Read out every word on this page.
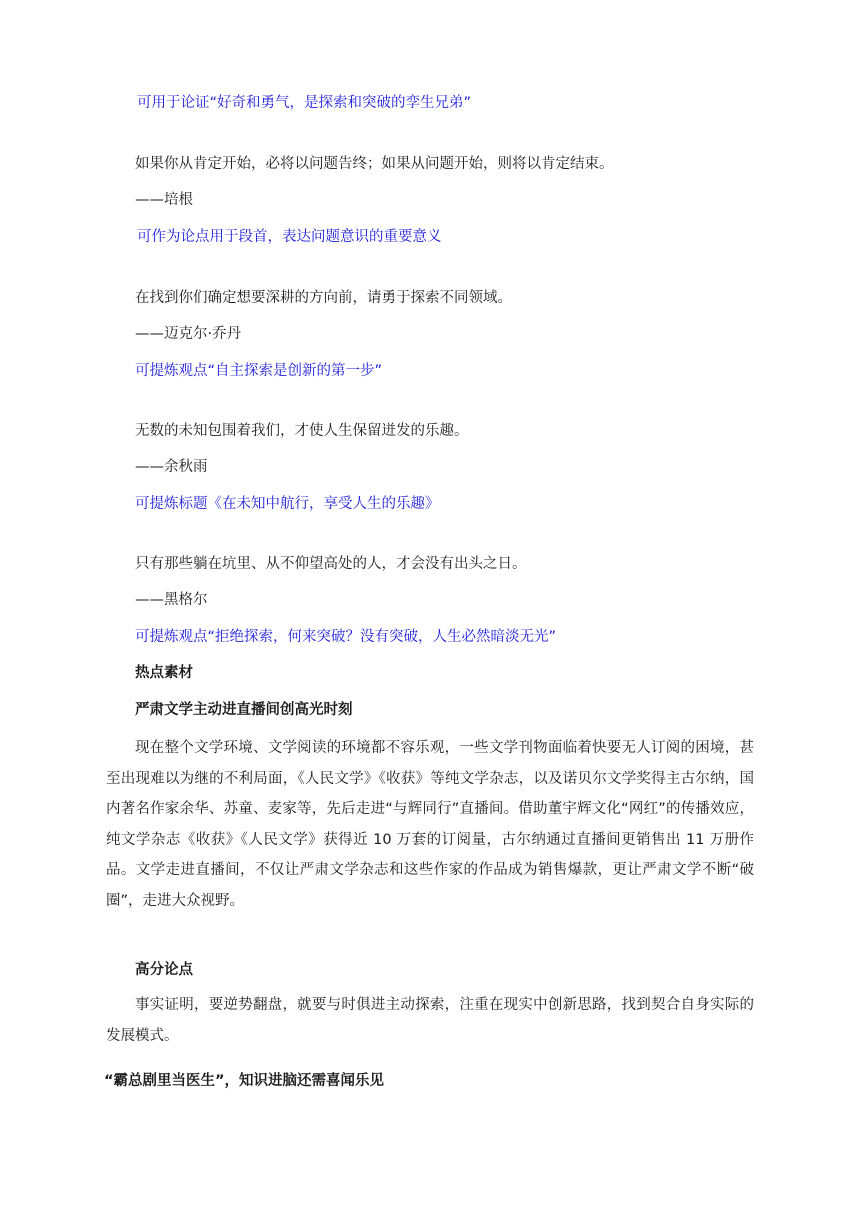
可用于论证“好奇和勇气，是探索和突破的孪生兄弟”
如果你从肯定开始，必将以问题告终；如果从问题开始，则将以肯定结束。
——培根
可作为论点用于段首，表达问题意识的重要意义
在找到你们确定想要深耕的方向前，请勇于探索不同领域。
——迈克尔·乔丹
可提炼观点“自主探索是创新的第一步”
无数的未知包围着我们，才使人生保留迸发的乐趣。
——余秋雨
可提炼标题《在未知中航行，享受人生的乐趣》
只有那些躺在坑里、从不仰望高处的人，才会没有出头之日。
——黑格尔
可提炼观点“拒绝探索，何来突破？没有突破，人生必然暗淡无光”
热点素材
严肃文学主动进直播间创高光时刻
现在整个文学环境、文学阅读的环境都不容乐观，一些文学刊物面临着快要无人订阅的困境，甚至出现难以为继的不利局面，《人民文学》《收获》等纯文学杂志，以及诺贝尔文学奖得主古尔纳，国内著名作家余华、苏童、麦家等，先后走进“与辉同行”直播间。借助董宇辉文化“网红”的传播效应，纯文学杂志《收获》《人民文学》获得近 10 万套的订阅量，古尔纳通过直播间更销售出 11 万册作品。文学走进直播间，不仅让严肃文学杂志和这些作家的作品成为销售爆款，更让严肃文学不断“破圈”，走进大众视野。
高分论点
事实证明，要逆势翻盘，就要与时俱进主动探索，注重在现实中创新思路，找到契合自身实际的发展模式。
“霸总剧里当医生”，知识进脑还需喜闻乐见
